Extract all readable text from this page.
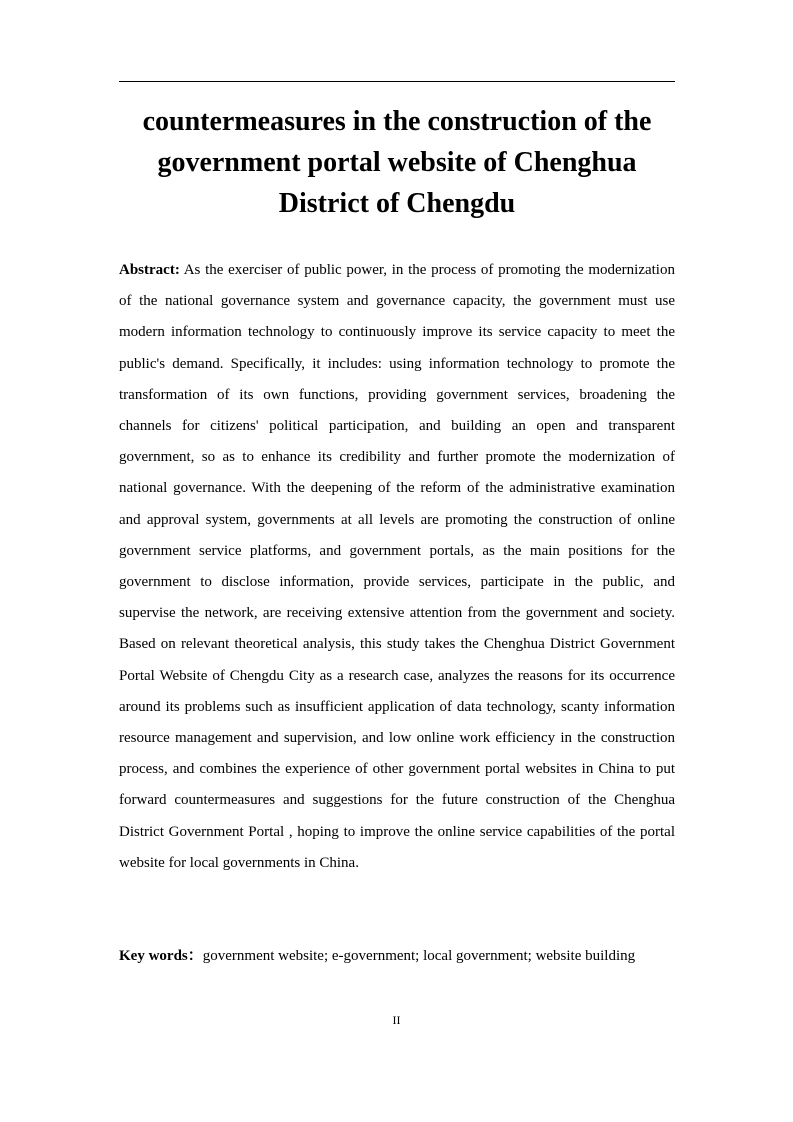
countermeasures in the construction of the government portal website of Chenghua District of Chengdu
Abstract: As the exerciser of public power, in the process of promoting the modernization of the national governance system and governance capacity, the government must use modern information technology to continuously improve its service capacity to meet the public's demand. Specifically, it includes: using information technology to promote the transformation of its own functions, providing government services, broadening the channels for citizens' political participation, and building an open and transparent government, so as to enhance its credibility and further promote the modernization of national governance. With the deepening of the reform of the administrative examination and approval system, governments at all levels are promoting the construction of online government service platforms, and government portals, as the main positions for the government to disclose information, provide services, participate in the public, and supervise the network, are receiving extensive attention from the government and society. Based on relevant theoretical analysis, this study takes the Chenghua District Government Portal Website of Chengdu City as a research case, analyzes the reasons for its occurrence around its problems such as insufficient application of data technology, scanty information resource management and supervision, and low online work efficiency in the construction process, and combines the experience of other government portal websites in China to put forward countermeasures and suggestions for the future construction of the Chenghua District Government Portal , hoping to improve the online service capabilities of the portal website for local governments in China.
Key words：government website; e-government; local government; website building
II
